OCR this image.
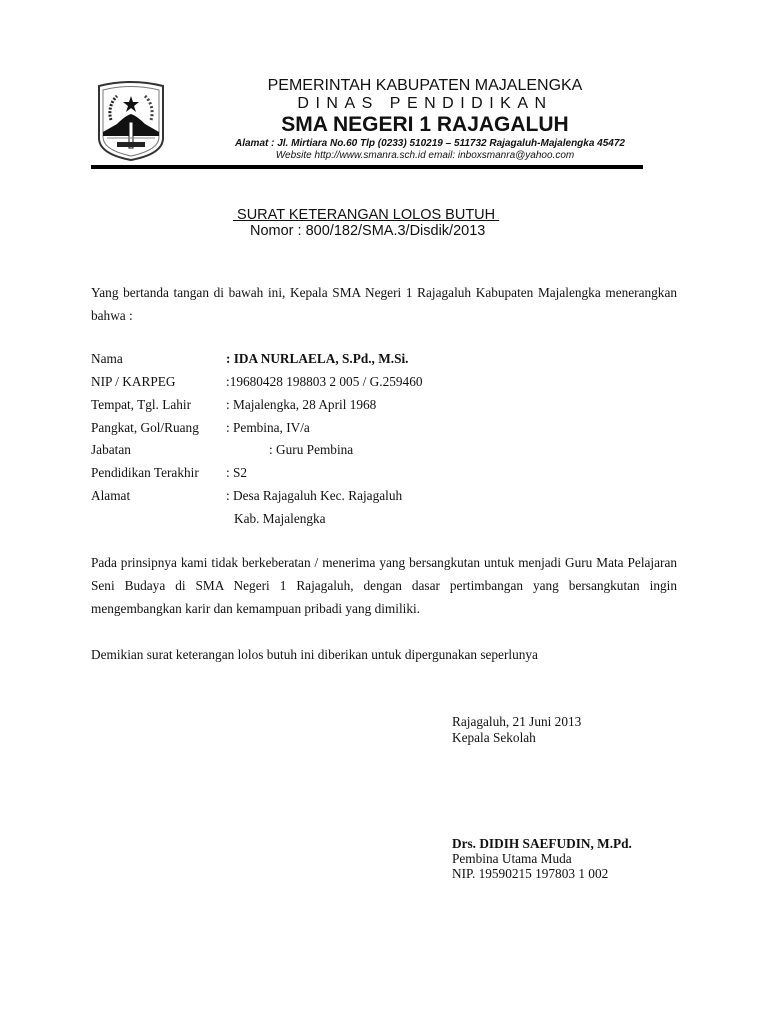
PEMERINTAH KABUPATEN MAJALENGKA
DINAS PENDIDIKAN
SMA NEGERI 1 RAJAGALUH
Alamat : Jl. Mirtiara No.60 Tlp (0233) 510219 – 511732 Rajagaluh-Majalengka 45472
Website http://www.smanra.sch.id email: inboxsmanra@yahoo.com
SURAT KETERANGAN LOLOS BUTUH
Nomor : 800/182/SMA.3/Disdik/2013
Yang bertanda tangan di bawah ini, Kepala SMA Negeri 1 Rajagaluh Kabupaten Majalengka menerangkan bahwa :
Nama	: IDA NURLAELA, S.Pd., M.Si.
NIP / KARPEG	:19680428 198803 2 005 / G.259460
Tempat, Tgl. Lahir	: Majalengka, 28 April 1968
Pangkat, Gol/Ruang : Pembina, IV/a
Jabatan	: Guru Pembina
Pendidikan Terakhir : S2
Alamat	: Desa Rajagaluh Kec. Rajagaluh
Kab. Majalengka
Pada prinsipnya kami tidak berkeberatan / menerima yang bersangkutan untuk menjadi Guru Mata Pelajaran Seni Budaya di SMA Negeri 1 Rajagaluh, dengan dasar pertimbangan yang bersangkutan ingin mengembangkan karir dan kemampuan pribadi yang dimiliki.
Demikian surat keterangan lolos butuh ini diberikan untuk dipergunakan seperlunya
Rajagaluh, 21 Juni 2013
Kepala Sekolah
Drs. DIDIH SAEFUDIN, M.Pd.
Pembina Utama Muda
NIP. 19590215 197803 1 002
